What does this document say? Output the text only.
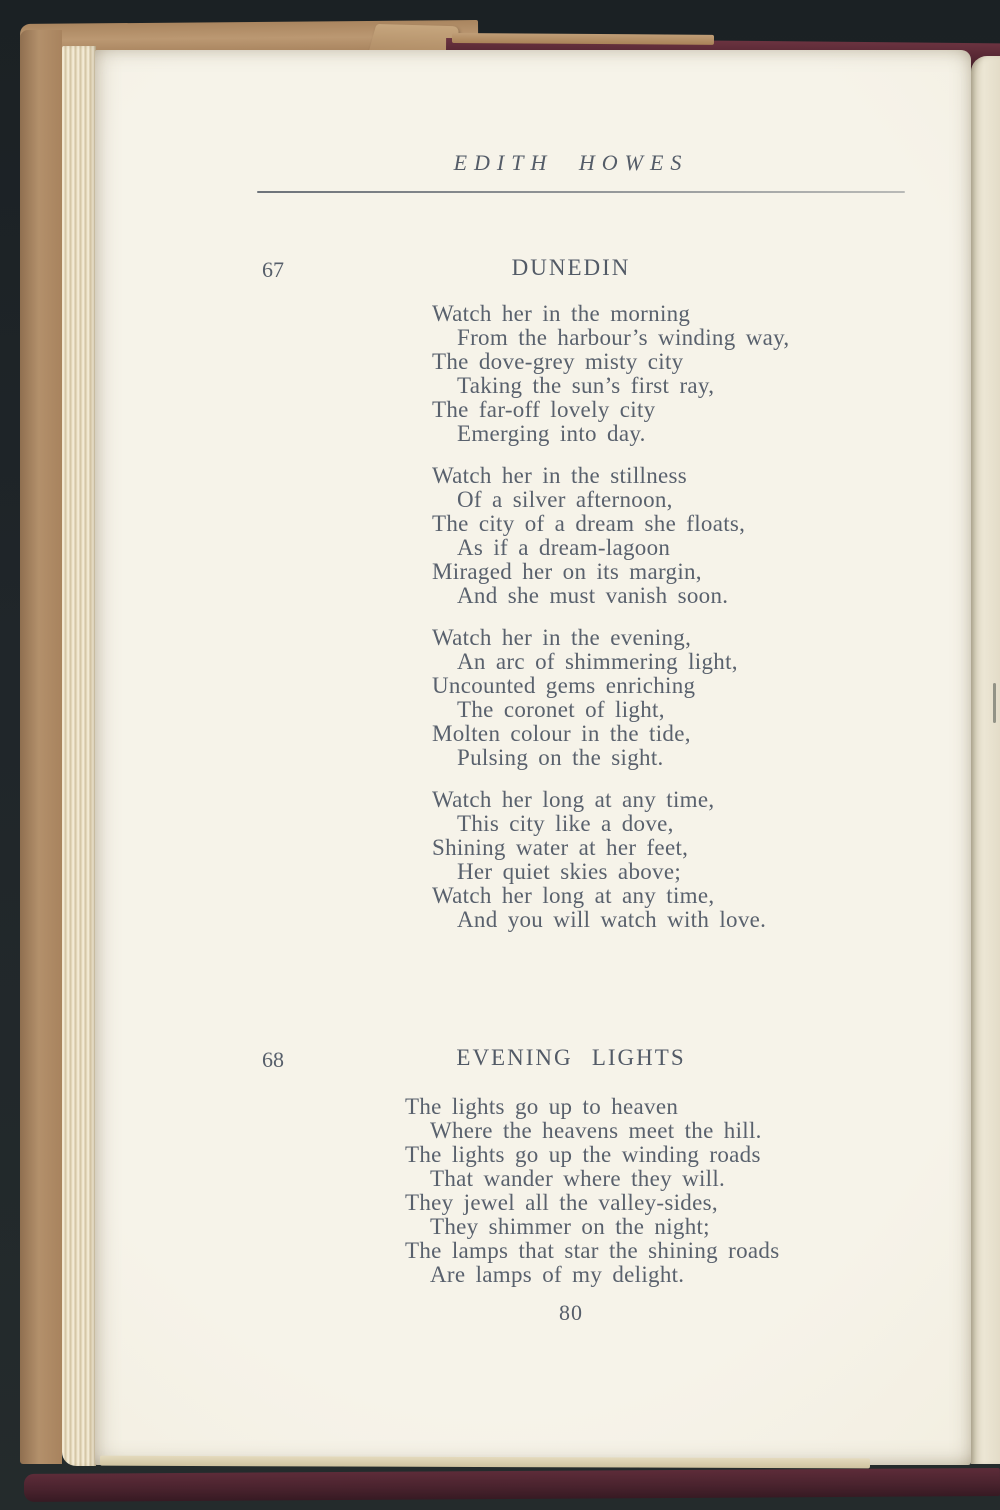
EDITH HOWES
67	DUNEDIN
Watch her in the morning
From the harbour’s winding way,
The dove-grey misty city
Taking the sun’s first ray,
The far-off lovely city
Emerging into day.
Watch her in the stillness
Of a silver afternoon,
The city of a dream she floats,
As if a dream-lagoon
Miraged her on its margin,
And she must vanish soon.
Watch her in the evening,
An arc of shimmering light,
Uncounted gems enriching
The coronet of light,
Molten colour in the tide,
Pulsing on the sight.
Watch her long at any time,
This city like a dove,
Shining water at her feet,
Her quiet skies above;
Watch her long at any time,
And you will watch with love.
68	EVENING LIGHTS
The lights go up to heaven
Where the heavens meet the hill.
The lights go up the winding roads
That wander where they will.
They jewel all the valley-sides,
They shimmer on the night;
The lamps that star the shining roads
Are lamps of my delight.
80
